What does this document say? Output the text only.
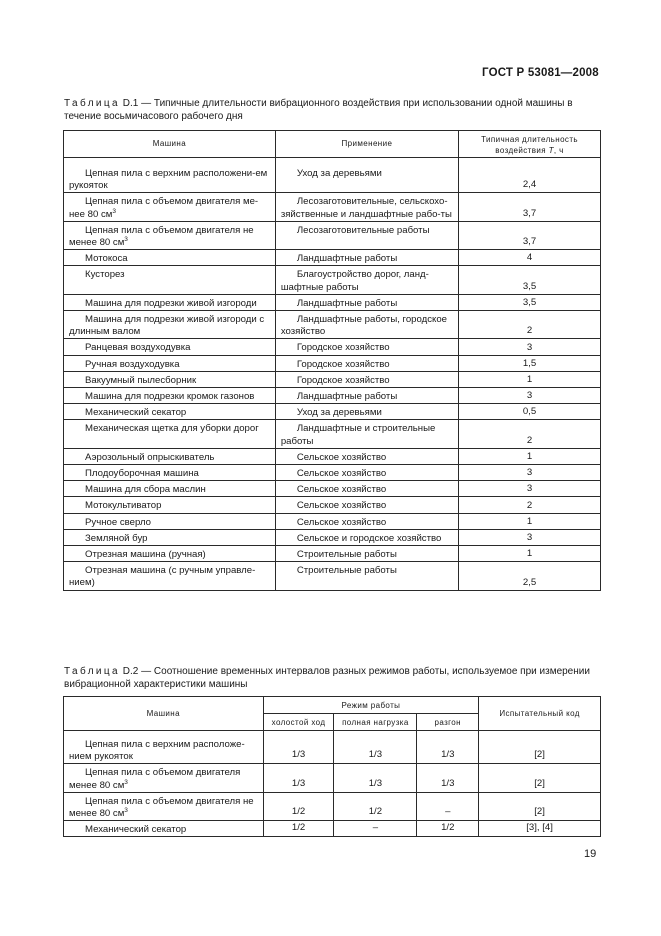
ГОСТ Р 53081—2008
Таблица D.1 — Типичные длительности вибрационного воздействия при использовании одной машины в течение восьмичасового рабочего дня
Машина	Применение	Типичная длительность воздействия T, ч

Цепная пила с верхним расположени-ем рукояток	Уход за деревьями	2,4
Цепная пила с объемом двигателя ме-нее 80 $см^3$	Лесозаготовительные, сельскохо-зяйственные и ландшафтные рабо-ты	3,7
Цепная пила с объемом двигателя не менее 80 $см^3$	Лесозаготовительные работы	3,7
Мотокоса	Ландшафтные работы	4
Кусторез	Благоустройство дорог, ланд-шафтные работы	3,5
Машина для подрезки живой изгороди	Ландшафтные работы	3,5
Машина для подрезки живой изгороди с длинным валом	Ландшафтные работы, городское хозяйство	2
Ранцевая воздуходувка	Городское хозяйство	3
Ручная воздуходувка	Городское хозяйство	1,5
Вакуумный пылесборник	Городское хозяйство	1
Машина для подрезки кромок газонов	Ландшафтные работы	3
Механический секатор	Уход за деревьями	0,5
Механическая щетка для уборки дорог	Ландшафтные и строительные работы	2
Аэрозольный опрыскиватель	Сельское хозяйство	1
Плодоуборочная машина	Сельское хозяйство	3
Машина для сбора маслин	Сельское хозяйство	3
Мотокультиватор	Сельское хозяйство	2
Ручное сверло	Сельское хозяйство	1
Земляной бур	Сельское и городское хозяйство	3
Отрезная машина (ручная)	Строительные работы	1
Отрезная машина (с ручным управле-нием)	Строительные работы	2,5
Таблица D.2 — Соотношение временных интервалов разных режимов работы, используемое при измерении вибрационной характеристики машины
Машина	Режим работы			Испытательный код
	холостой ход	полная нагрузка	разгон	

Цепная пила с верхним расположе-нием рукояток	1/3	1/3	1/3	[2]
Цепная пила с объемом двигателя менее 80 $см^3$	1/3	1/3	1/3	[2]
Цепная пила с объемом двигателя не менее 80 $см^3$	1/2	1/2	–	[2]
Механический секатор	1/2	–	1/2	[3], [4]
19
